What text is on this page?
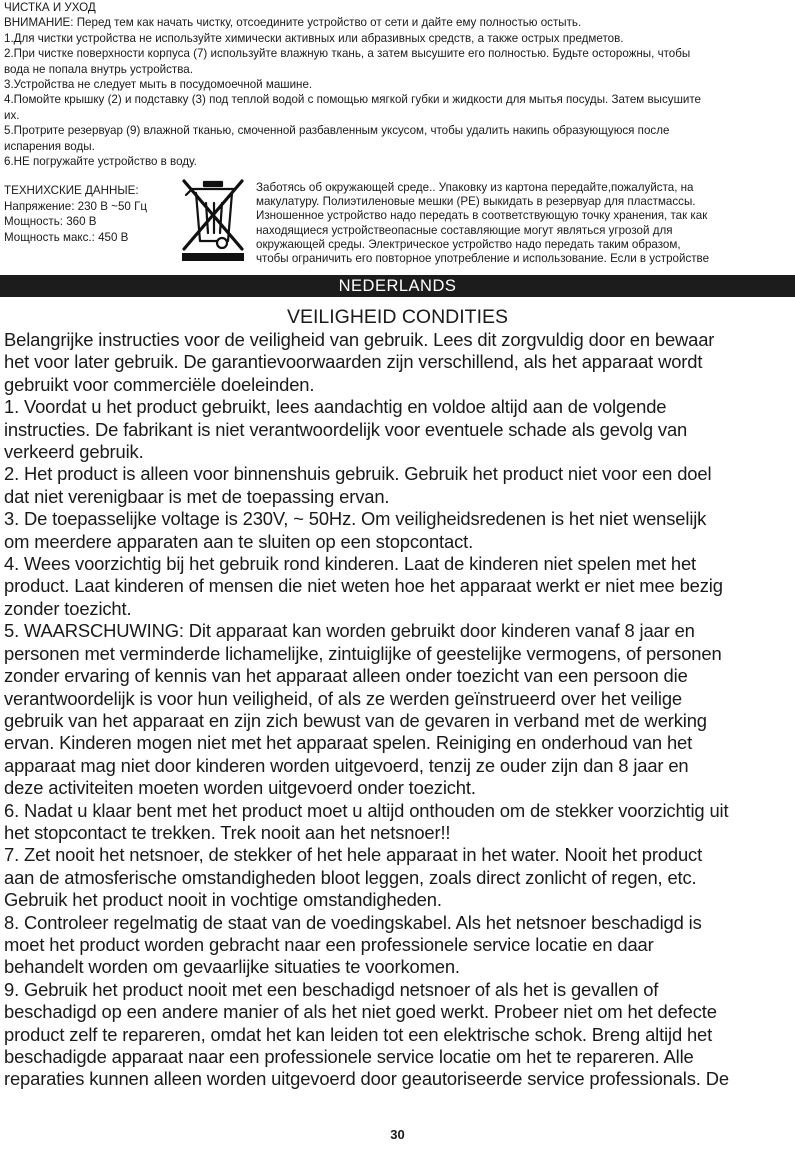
ЧИСТКА И УХОД

ВНИМАНИЕ: Перед тем как начать чистку, отсоедините устройство от сети и дайте ему полностью остыть.

1.Для чистки устройства не используйте химически активных или абразивных средств, а также острых предметов.

2.При чистке поверхности корпуса (7) используйте влажную ткань, а затем высушите его полностью. Будьте осторожны, чтобы

вода не попала внутрь устройства.

3.Устройства не следует мыть в посудомоечной машине.

4.Помойте крышку (2) и подставку (3) под теплой водой с помощью мягкой губки и жидкости для мытья посуды. Затем высушите

их.

5.Протрите резервуар (9) влажной тканью, смоченной разбавленным уксусом, чтобы удалить накипь образующуюся после

испарения воды.

6.НЕ погружайте устройство в воду.

ТЕХНИХСКИЕ ДАННЫЕ:

Напряжение: 230 В ~50 Гц

Мощность: 360 В

Мощность макс.: 450 В

Заботясь об окружающей среде.. Упаковку из картона передайте,пожалуйста, на

макулатуру. Полиэтиленовые мешки (PE) выкидать в резервуар для пластмассы.

Изношенное устройство надо передать в соответствующую точку хранения, так как

находящиеся устройствеопасные составляющие могут являться угрозой для

окружающей среды. Электрическое устройство надо передать таким образом,

чтобы ограничить его повторное употребление и использование. Если в устройстве

NEDERLANDS
VEILIGHEID CONDITIES

Belangrijke instructies voor de veiligheid van gebruik. Lees dit zorgvuldig door en bewaar

het voor later gebruik. De garantievoorwaarden zijn verschillend, als het apparaat wordt

gebruikt voor commerciële doeleinden.

1. Voordat u het product gebruikt, lees aandachtig en voldoe altijd aan de volgende

instructies. De fabrikant is niet verantwoordelijk voor eventuele schade als gevolg van

verkeerd gebruik.

2. Het product is alleen voor binnenshuis gebruik. Gebruik het product niet voor een doel

dat niet verenigbaar is met de toepassing ervan.

3. De toepasselijke voltage is 230V, ~ 50Hz. Om veiligheidsredenen is het niet wenselijk

om meerdere apparaten aan te sluiten op een stopcontact.

4. Wees voorzichtig bij het gebruik rond kinderen. Laat de kinderen niet spelen met het

product. Laat kinderen of mensen die niet weten hoe het apparaat werkt er niet mee bezig

zonder toezicht.

5. WAARSCHUWING: Dit apparaat kan worden gebruikt door kinderen vanaf 8 jaar en

personen met verminderde lichamelijke, zintuiglijke of geestelijke vermogens, of personen

zonder ervaring of kennis van het apparaat alleen onder toezicht van een persoon die

verantwoordelijk is voor hun veiligheid, of als ze werden geïnstrueerd over het veilige

gebruik van het apparaat en zijn zich bewust van de gevaren in verband met de werking

ervan. Kinderen mogen niet met het apparaat spelen. Reiniging en onderhoud van het

apparaat mag niet door kinderen worden uitgevoerd, tenzij ze ouder zijn dan 8 jaar en

deze activiteiten moeten worden uitgevoerd onder toezicht.

6. Nadat u klaar bent met het product moet u altijd onthouden om de stekker voorzichtig uit

het stopcontact te trekken. Trek nooit aan het netsnoer!!

7. Zet nooit het netsnoer, de stekker of het hele apparaat in het water. Nooit het product

aan de atmosferische omstandigheden bloot leggen, zoals direct zonlicht of regen, etc.

Gebruik het product nooit in vochtige omstandigheden.

8. Controleer regelmatig de staat van de voedingskabel. Als het netsnoer beschadigd is

moet het product worden gebracht naar een professionele service locatie en daar

behandelt worden om gevaarlijke situaties te voorkomen.

9. Gebruik het product nooit met een beschadigd netsnoer of als het is gevallen of

beschadigd op een andere manier of als het niet goed werkt. Probeer niet om het defecte

product zelf te repareren, omdat het kan leiden tot een elektrische schok. Breng altijd het

beschadigde apparaat naar een professionele service locatie om het te repareren. Alle

reparaties kunnen alleen worden uitgevoerd door geautoriseerde service professionals. De

30
